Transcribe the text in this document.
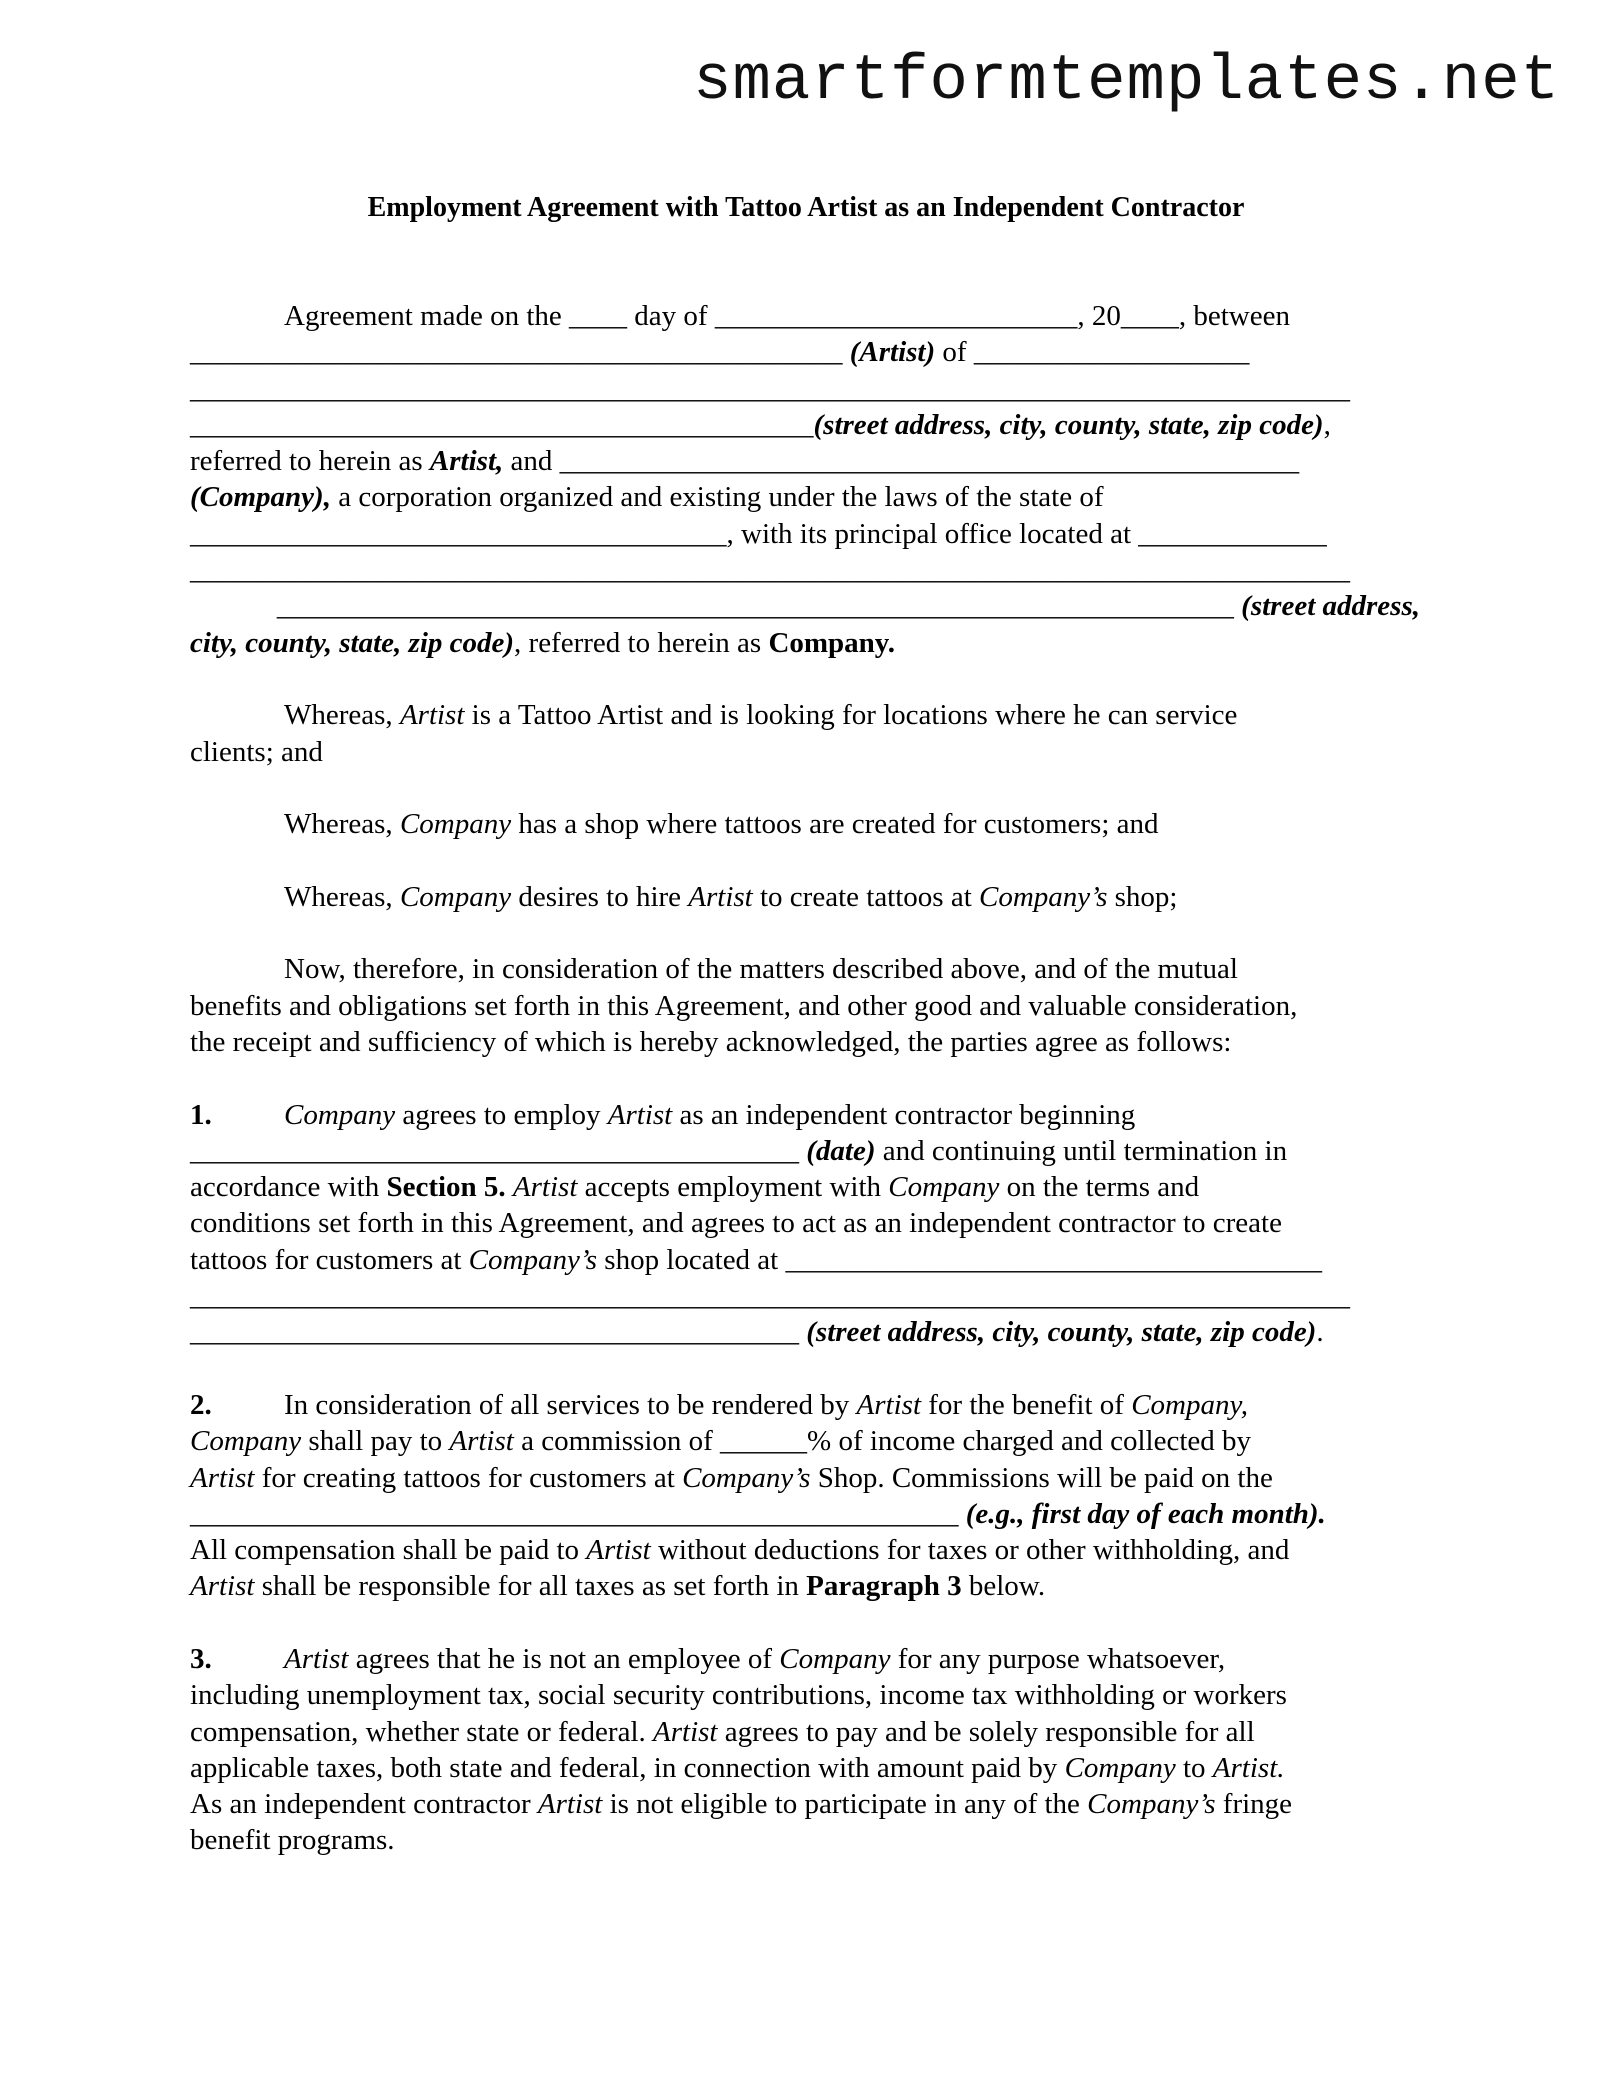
smartformtemplates.net
Employment Agreement with Tattoo Artist as an Independent Contractor
Agreement made on the ____ day of _________________________, 20____, between
_____________________________________________ (Artist) of ___________________
________________________________________________________________________________
___________________________________________(street address, city, county, state, zip code),
referred to herein as Artist, and ___________________________________________________
(Company), a corporation organized and existing under the laws of the state of
_____________________________________, with its principal office located at _____________
________________________________________________________________________________
__________________________________________________________________ (street address,
city, county, state, zip code), referred to herein as Company.
Whereas, Artist is a Tattoo Artist and is looking for locations where he can service
clients; and
Whereas, Company has a shop where tattoos are created for customers; and
Whereas, Company desires to hire Artist to create tattoos at Company’s shop;
Now, therefore, in consideration of the matters described above, and of the mutual
benefits and obligations set forth in this Agreement, and other good and valuable consideration,
the receipt and sufficiency of which is hereby acknowledged, the parties agree as follows:
1. Company agrees to employ Artist as an independent contractor beginning
__________________________________________ (date) and continuing until termination in
accordance with Section 5. Artist accepts employment with Company on the terms and
conditions set forth in this Agreement, and agrees to act as an independent contractor to create
tattoos for customers at Company’s shop located at _____________________________________
________________________________________________________________________________
__________________________________________ (street address, city, county, state, zip code).
2. In consideration of all services to be rendered by Artist for the benefit of Company,
Company shall pay to Artist a commission of ______% of income charged and collected by
Artist for creating tattoos for customers at Company’s Shop. Commissions will be paid on the
_____________________________________________________ (e.g., first day of each month).
All compensation shall be paid to Artist without deductions for taxes or other withholding, and
Artist shall be responsible for all taxes as set forth in Paragraph 3 below.
3. Artist agrees that he is not an employee of Company for any purpose whatsoever,
including unemployment tax, social security contributions, income tax withholding or workers
compensation, whether state or federal. Artist agrees to pay and be solely responsible for all
applicable taxes, both state and federal, in connection with amount paid by Company to Artist.
As an independent contractor Artist is not eligible to participate in any of the Company’s fringe
benefit programs.
